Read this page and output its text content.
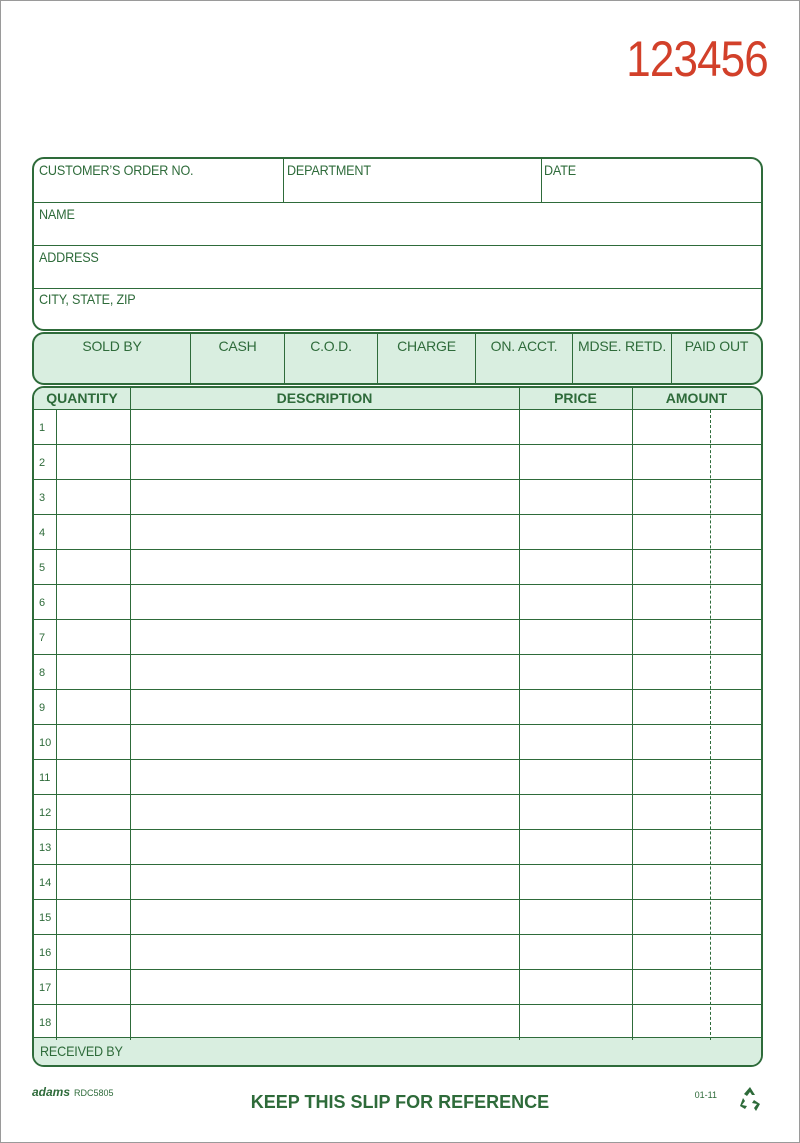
123456
CUSTOMER’S ORDER NO.	DEPARTMENT	DATE
NAME
ADDRESS
CITY, STATE, ZIP
SOLD BY	CASH	C.O.D.	CHARGE	ON. ACCT.	MDSE. RETD.	PAID OUT
QUANTITY	DESCRIPTION	PRICE	AMOUNT
RECEIVED BY
1
2
3
4
5
6
7
8
9
10
11
12
13
14
15
16
17
18
adams RDC5805	KEEP THIS SLIP FOR REFERENCE	01-11
